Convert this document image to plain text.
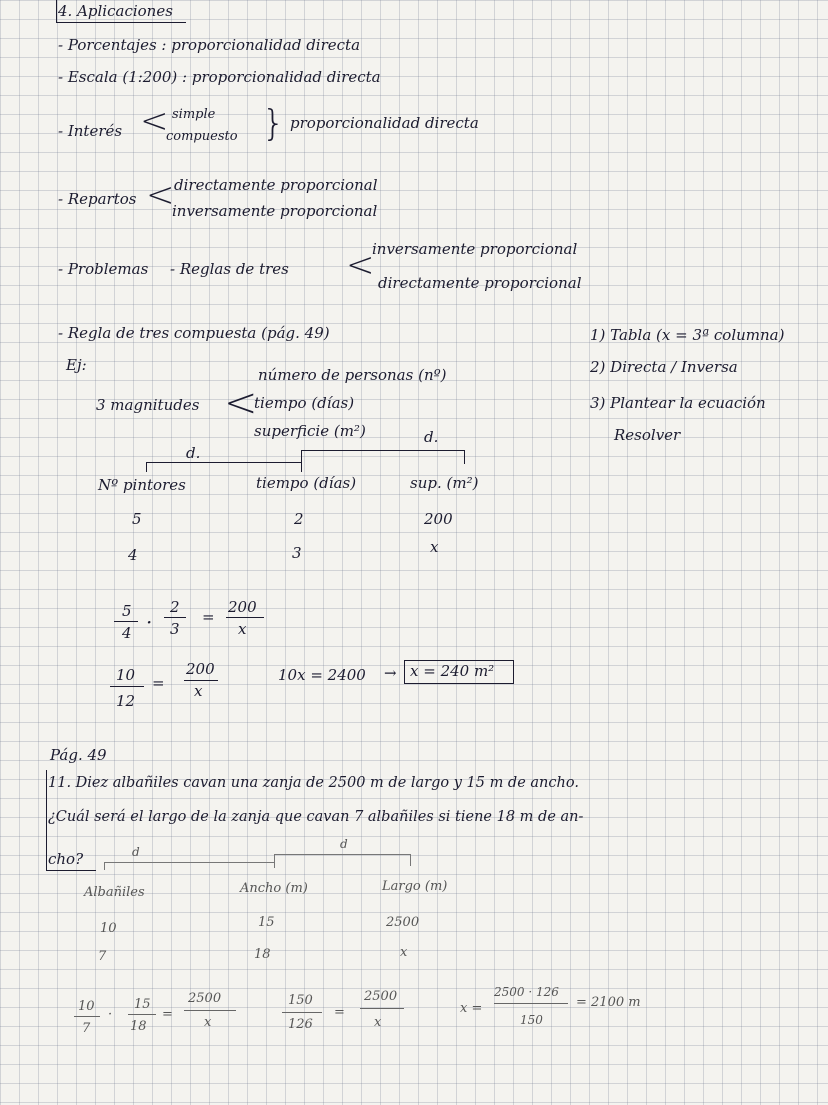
4. Aplicaciones
- Porcentajes : proporcionalidad directa
- Escala (1:200) : proporcionalidad directa
- Interés < simple
compuesto } proporcionalidad directa
- Repartos < directamente proporcional
inversamente proporcional
- Problemas - Reglas de tres <
inversamente proporcional
directamente proporcional
- Regla de tres compuesta (pág. 49)
Ej:
1) Tabla (x = 3ª columna)
2) Directa / Inversa
3) Plantear la ecuación
Resolver
3 magnitudes <
número de personas (nº)
tiempo (días)
superficie (m²)
d.
d.
Nº pintores	tiempo (días)	sup. (m²)
5	2	200
4	3	x
5
4 ·
2
3
=
200
x
10
12
=
200
x
10x = 2400 → x = 240 m²
Pág. 49
11. Diez albañiles cavan una zanja de 2500 m de largo y 15 m de ancho.
¿Cuál será el largo de la zanja que cavan 7 albañiles si tiene 18 m de an-
cho?	d
d
Albañiles	Ancho (m)	Largo (m)
10	15	2500
7	18	x
10
7
·
15
18
=
2500
x
150
126
=
2500
x
x =
2500 · 126
150
= 2100 m
